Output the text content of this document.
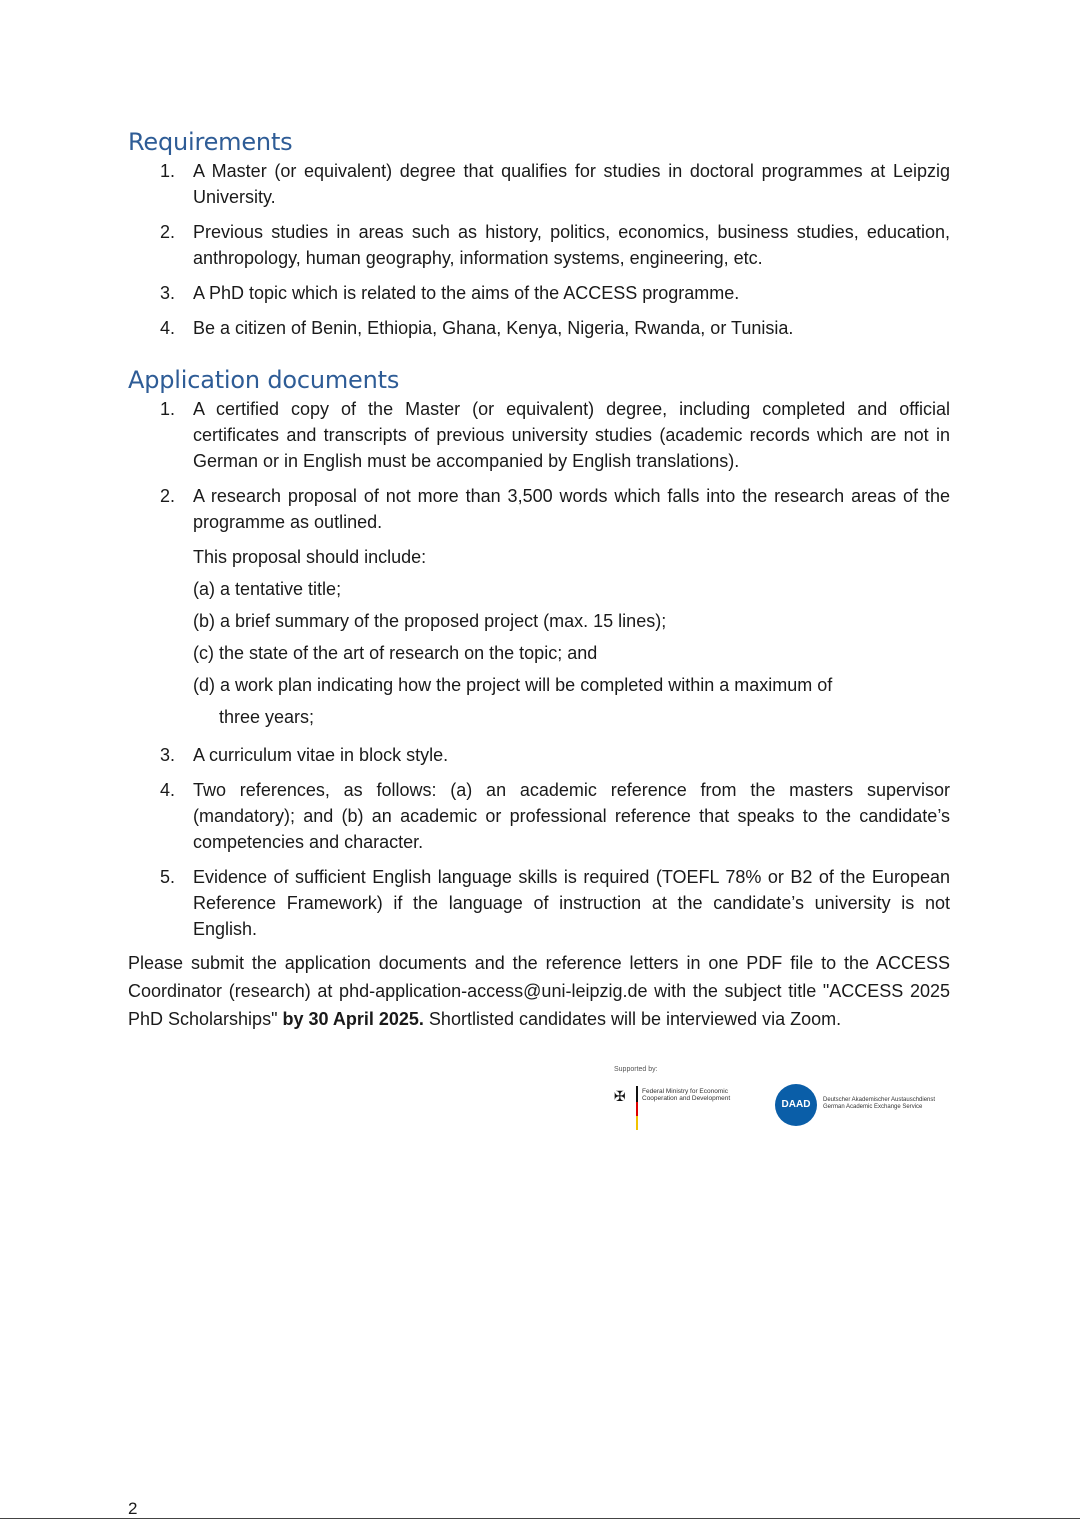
Requirements
1. A Master (or equivalent) degree that qualifies for studies in doctoral programmes at Leipzig University.
2. Previous studies in areas such as history, politics, economics, business studies, education, anthropology, human geography, information systems, engineering, etc.
3. A PhD topic which is related to the aims of the ACCESS programme.
4. Be a citizen of Benin, Ethiopia, Ghana, Kenya, Nigeria, Rwanda, or Tunisia.
Application documents
1. A certified copy of the Master (or equivalent) degree, including completed and official certificates and transcripts of previous university studies (academic records which are not in German or in English must be accompanied by English translations).
2. A research proposal of not more than 3,500 words which falls into the research areas of the programme as outlined.
This proposal should include:
(a) a tentative title;
(b) a brief summary of the proposed project (max. 15 lines);
(c) the state of the art of research on the topic; and
(d) a work plan indicating how the project will be completed within a maximum of
three years;
3. A curriculum vitae in block style.
4. Two references, as follows: (a) an academic reference from the masters supervisor (mandatory); and (b) an academic or professional reference that speaks to the candidate’s competencies and character.
5. Evidence of sufficient English language skills is required (TOEFL 78% or B2 of the European Reference Framework) if the language of instruction at the candidate’s university is not English.

Please submit the application documents and the reference letters in one PDF file to the ACCESS Coordinator (research) at phd-application-access@uni-leipzig.de with the subject title "ACCESS 2025 PhD Scholarships" by 30 April 2025. Shortlisted candidates will be interviewed via Zoom.

Supported by:
✠	Federal Ministry for Economic Cooperation and Development
DAAD	Deutscher Akademischer Austauschdienst German Academic Exchange Service
2
